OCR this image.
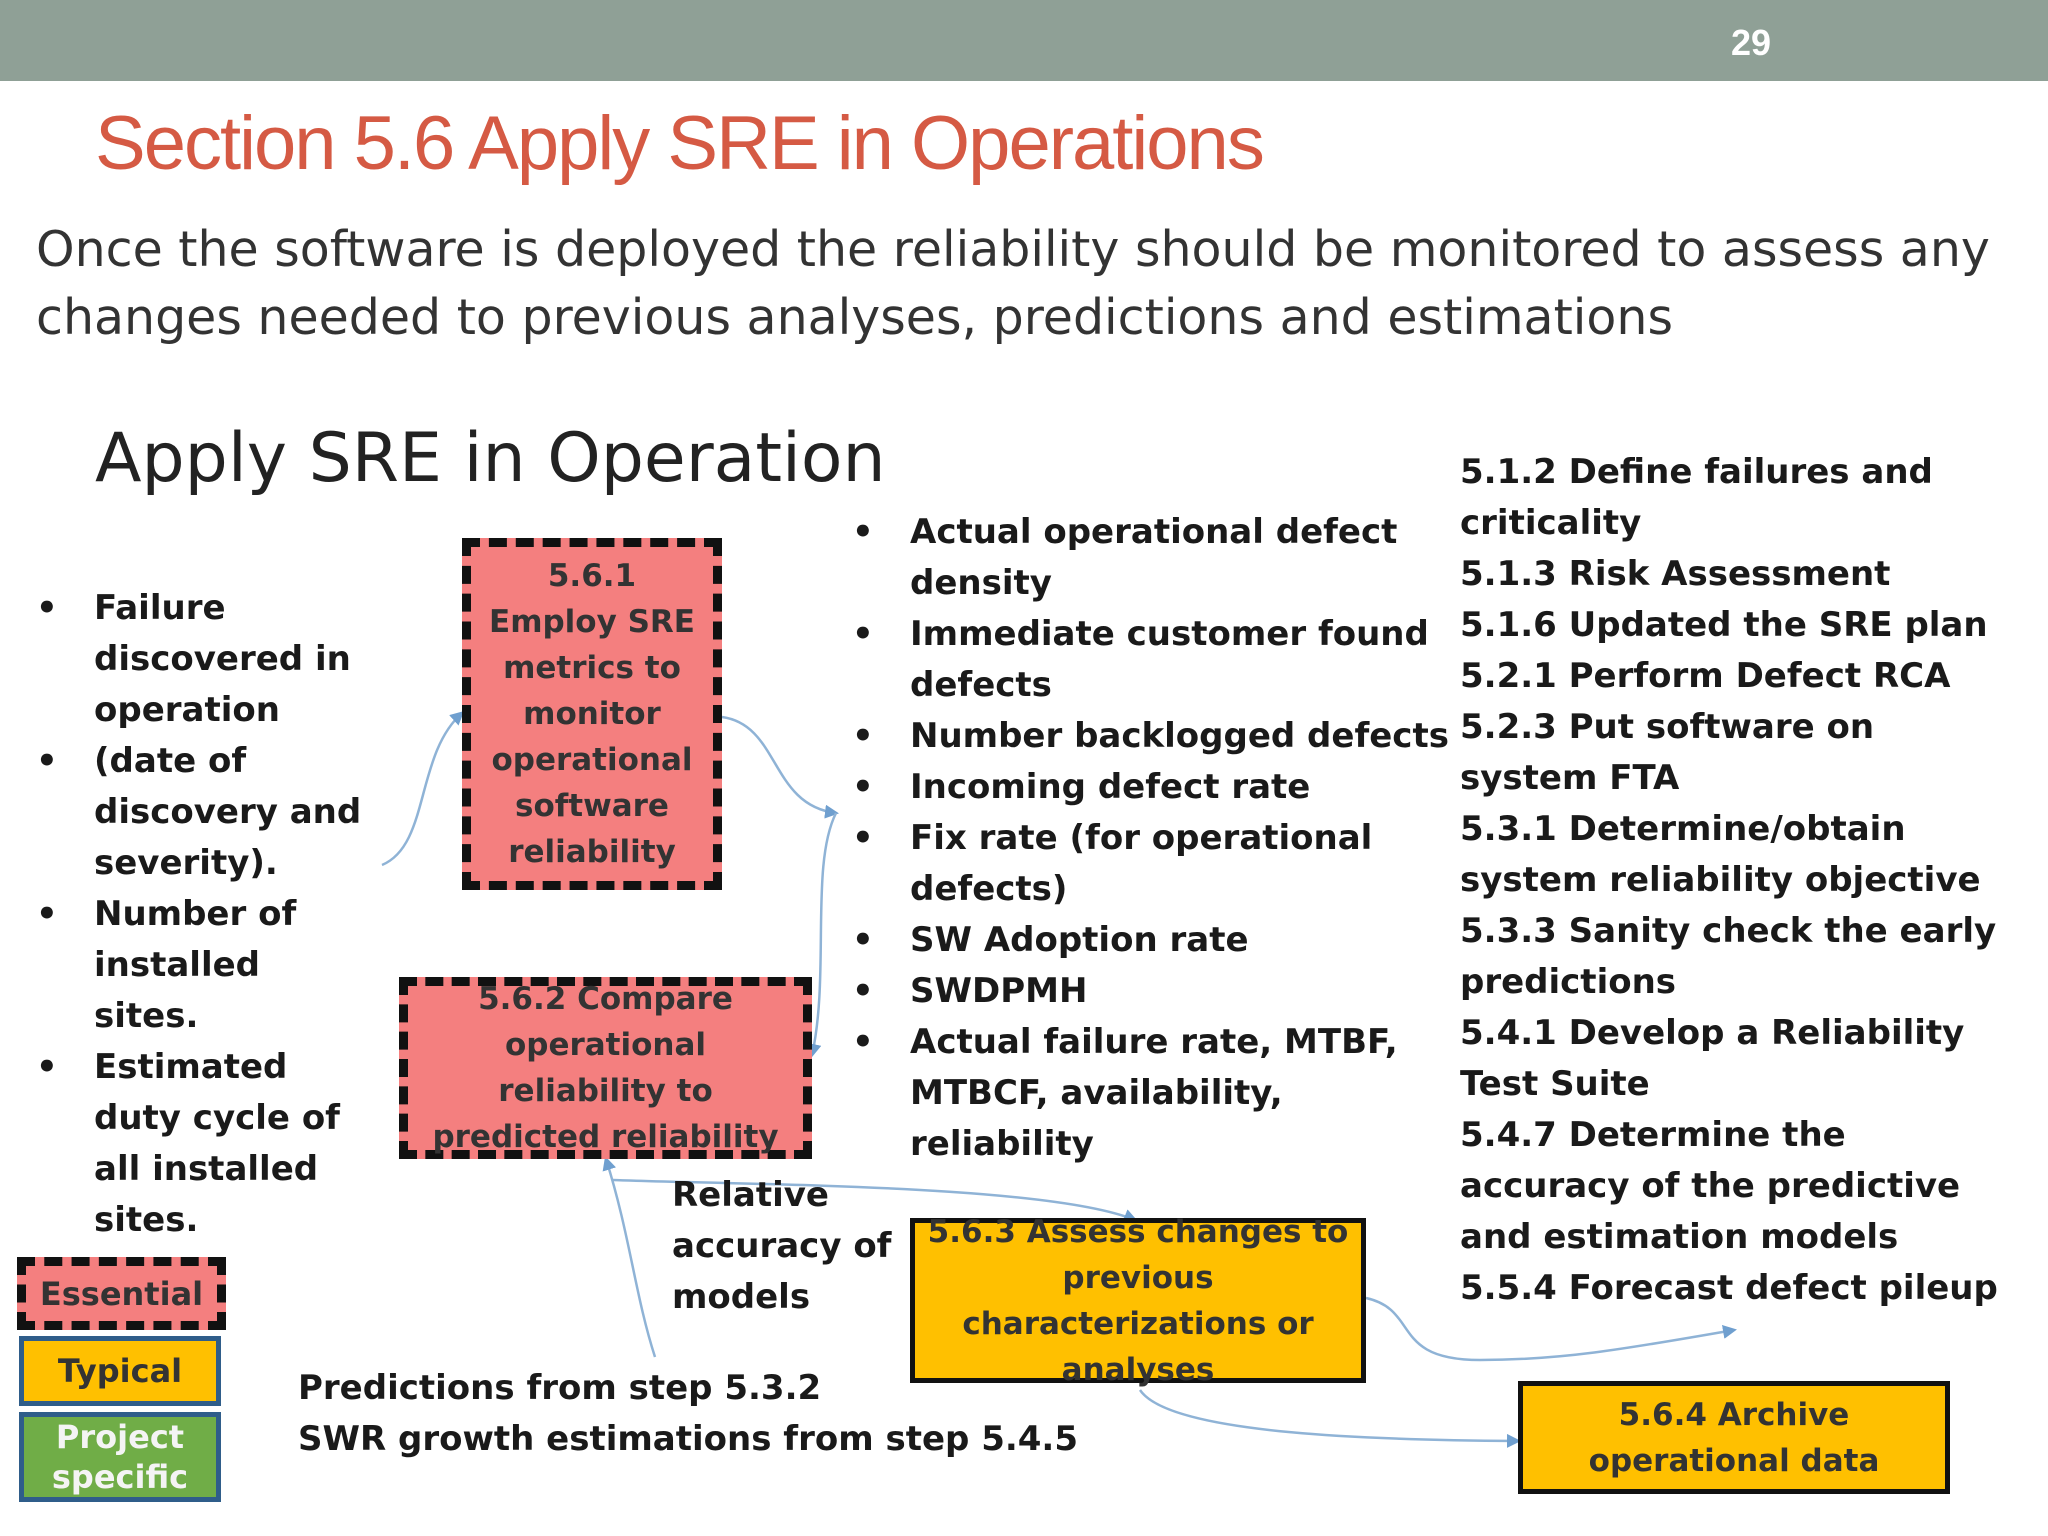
29
Section 5.6 Apply SRE in Operations
Once the software is deployed the reliability should be monitored to assess any changes needed to previous analyses, predictions and estimations
Apply SRE in Operation
• Failure discovered in operation
• (date of discovery and severity).
• Number of installed sites.
• Estimated duty cycle of all installed sites.
5.6.1 Employ SRE metrics to monitor operational software reliability
5.6.2 Compare operational reliability to predicted reliability
• Actual operational defect density
• Immediate customer found defects
• Number backlogged defects
• Incoming defect rate
• Fix rate (for operational defects)
• SW Adoption rate
• SWDPMH
• Actual failure rate, MTBF, MTBCF, availability, reliability
5.1.2 Define failures and criticality
5.1.3 Risk Assessment
5.1.6 Updated the SRE plan
5.2.1 Perform Defect RCA
5.2.3 Put software on system FTA
5.3.1 Determine/obtain system reliability objective
5.3.3 Sanity check the early predictions
5.4.1 Develop a Reliability Test Suite
5.4.7 Determine the accuracy of the predictive and estimation models
5.5.4 Forecast defect pileup
Relative accuracy of models
5.6.3 Assess changes to previous characterizations or analyses
5.6.4 Archive operational data
Predictions from step 5.3.2
SWR growth estimations from step 5.4.5
Essential
Typical
Project specific
